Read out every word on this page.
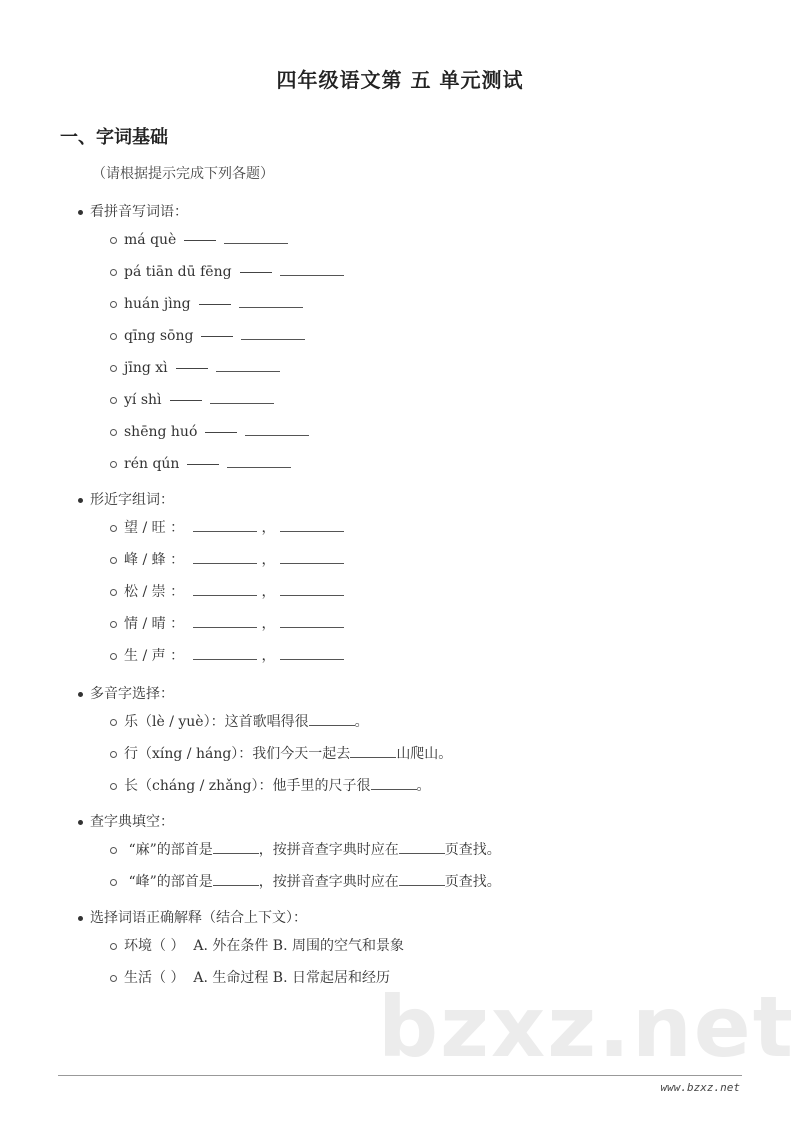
四年级语文第 五 单元测试
一、字词基础
（请根据提示完成下列各题）
看拼音写词语：
má què
pá tiān dū fēng
huán jìng
qīng sōng
jīng xì
yí shì
shēng huó
rén qún
形近字组词：
望 / 旺 ：	，
峰 / 蜂 ：	，
松 / 崇 ：	，
情 / 晴 ：	，
生 / 声 ：	，
多音字选择：
乐（lè / yuè）：这首歌唱得很	。
行（xíng / háng）：我们今天一起去	山爬山。
长（cháng / zhǎng）：他手里的尺子很	。
查字典填空：
“麻”的部首是	，按拼音查字典时应在	页查找。
“峰”的部首是	，按拼音查字典时应在	页查找。
选择词语正确解释（结合上下文）：
环境（ ）  A. 外在条件 B. 周围的空气和景象
生活（ ）  A. 生命过程 B. 日常起居和经历
bzxz.net
www.bzxz.net
